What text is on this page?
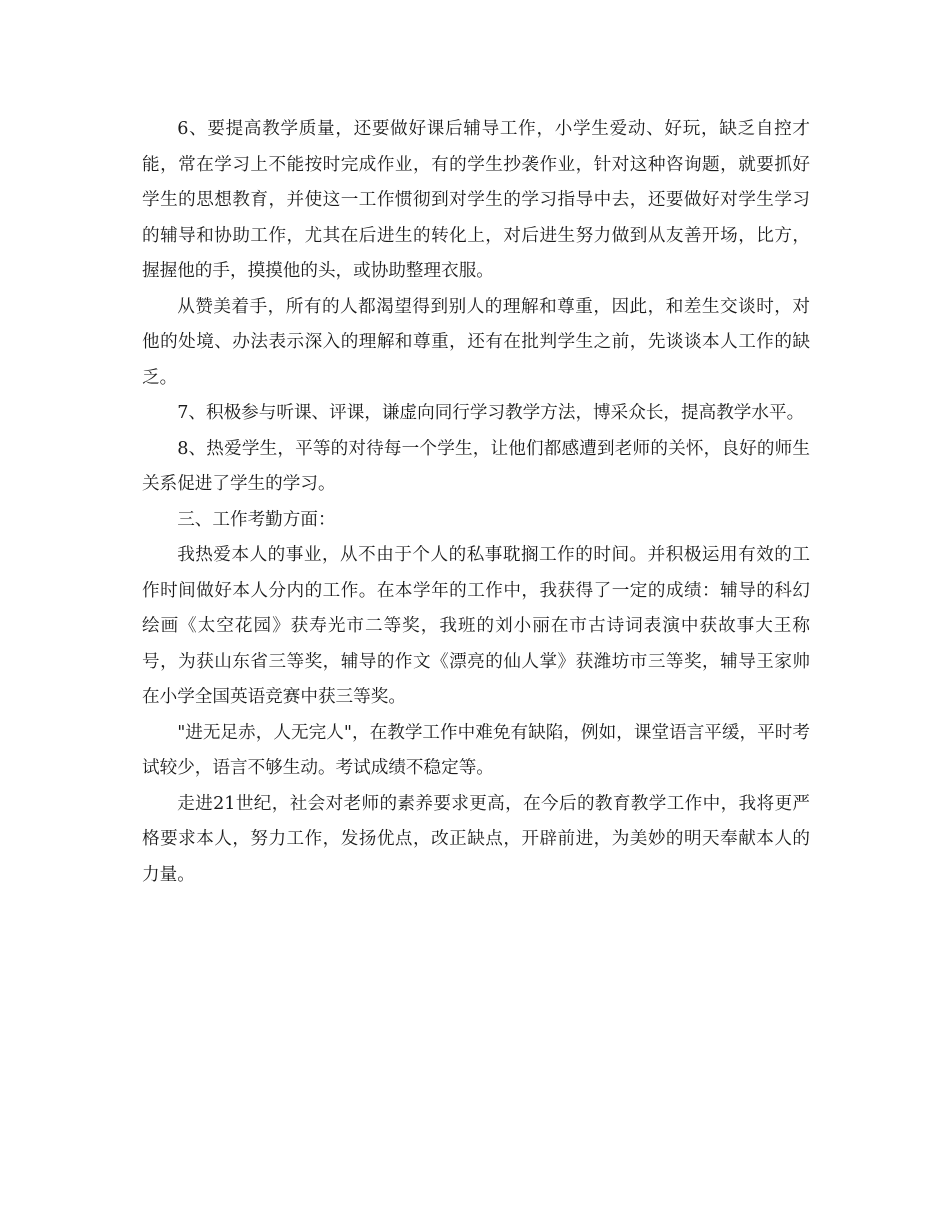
6、要提高教学质量，还要做好课后辅导工作，小学生爱动、好玩，缺乏自控才能，常在学习上不能按时完成作业，有的学生抄袭作业，针对这种咨询题，就要抓好学生的思想教育，并使这一工作惯彻到对学生的学习指导中去，还要做好对学生学习的辅导和协助工作，尤其在后进生的转化上，对后进生努力做到从友善开场，比方，握握他的手，摸摸他的头，或协助整理衣服。

从赞美着手，所有的人都渴望得到别人的理解和尊重，因此，和差生交谈时，对他的处境、办法表示深入的理解和尊重，还有在批判学生之前，先谈谈本人工作的缺乏。

7、积极参与听课、评课，谦虚向同行学习教学方法，博采众长，提高教学水平。

8、热爱学生，平等的对待每一个学生，让他们都感遭到老师的关怀，良好的师生关系促进了学生的学习。

三、工作考勤方面：

我热爱本人的事业，从不由于个人的私事耽搁工作的时间。并积极运用有效的工作时间做好本人分内的工作。在本学年的工作中，我获得了一定的成绩：辅导的科幻绘画《太空花园》获寿光市二等奖，我班的刘小丽在市古诗词表演中获故事大王称号，为获山东省三等奖，辅导的作文《漂亮的仙人掌》获潍坊市三等奖，辅导王家帅在小学全国英语竞赛中获三等奖。

"进无足赤，人无完人"，在教学工作中难免有缺陷，例如，课堂语言平缓，平时考试较少，语言不够生动。考试成绩不稳定等。

走进21世纪，社会对老师的素养要求更高，在今后的教育教学工作中，我将更严格要求本人，努力工作，发扬优点，改正缺点，开辟前进，为美妙的明天奉献本人的力量。
